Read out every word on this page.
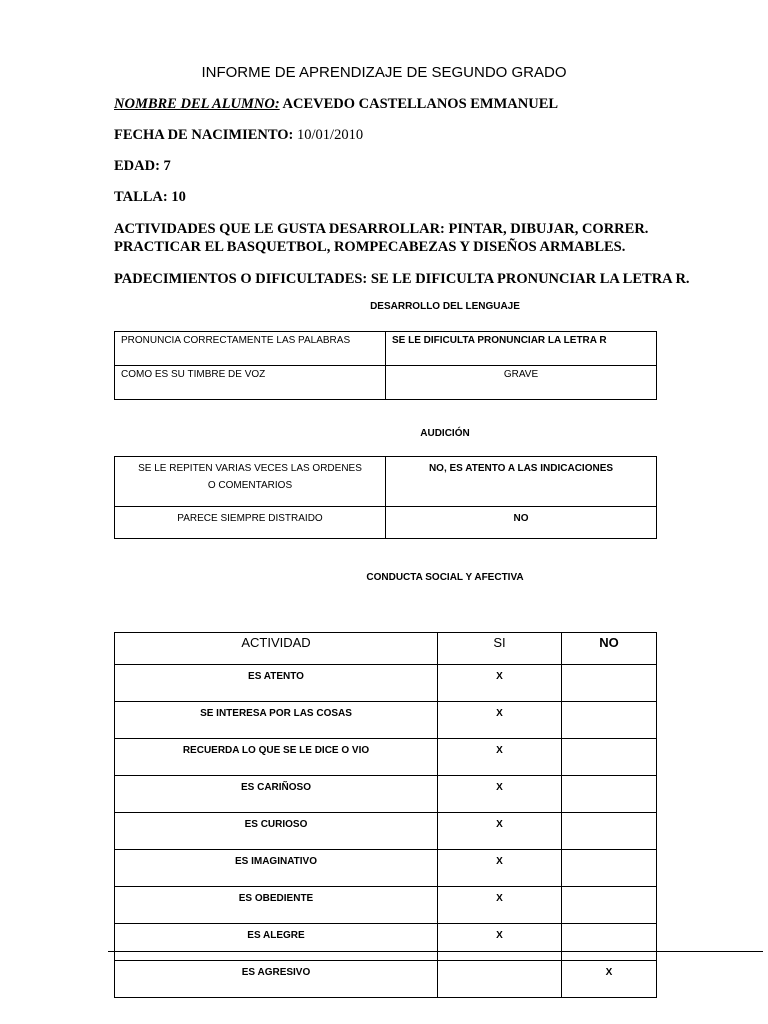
INFORME DE APRENDIZAJE DE SEGUNDO GRADO
NOMBRE DEL ALUMNO: ACEVEDO CASTELLANOS EMMANUEL
FECHA DE NACIMIENTO: 10/01/2010
EDAD: 7
TALLA: 10
ACTIVIDADES QUE LE GUSTA DESARROLLAR: PINTAR, DIBUJAR, CORRER. PRACTICAR EL BASQUETBOL, ROMPECABEZAS Y DISEÑOS ARMABLES.
PADECIMIENTOS O DIFICULTADES: SE LE DIFICULTA PRONUNCIAR LA LETRA R.
DESARROLLO DEL LENGUAJE
PRONUNCIA CORRECTAMENTE LAS PALABRAS	SE LE DIFICULTA PRONUNCIAR LA LETRA R
COMO ES SU TIMBRE DE VOZ	GRAVE
AUDICIÓN
SE LE REPITEN VARIAS VECES LAS ORDENES O COMENTARIOS	NO, ES ATENTO A LAS INDICACIONES
PARECE SIEMPRE DISTRAIDO	NO
CONDUCTA SOCIAL Y AFECTIVA
ACTIVIDAD	SI	NO
ES ATENTO	X	
SE INTERESA POR LAS COSAS	X	
RECUERDA LO QUE SE LE DICE O VIO	X	
ES CARIÑOSO	X	
ES CURIOSO	X	
ES IMAGINATIVO	X	
ES OBEDIENTE	X	
ES ALEGRE	X	
ES AGRESIVO		X
